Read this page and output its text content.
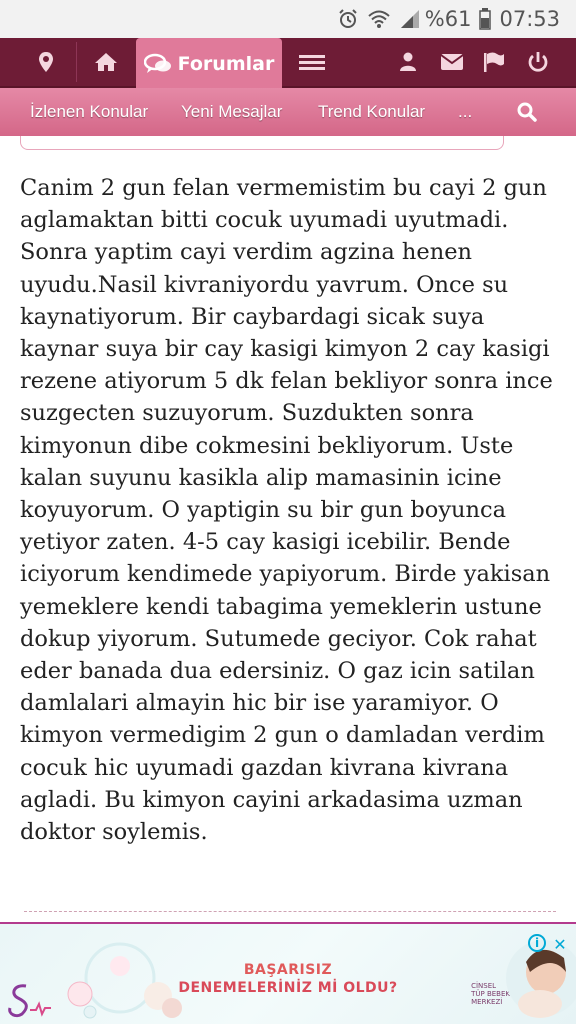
%61 07:53
Forumlar
İzlenen Konular Yeni Mesajlar Trend Konular ...
Canim 2 gun felan vermemistim bu cayi 2 gun aglamaktan bitti cocuk uyumadi uyutmadi. Sonra yaptim cayi verdim agzina henen uyudu.Nasil kivraniyordu yavrum. Once su kaynatiyorum. Bir caybardagi sicak suya kaynar suya bir cay kasigi kimyon 2 cay kasigi rezene atiyorum 5 dk felan bekliyor sonra ince suzgecten suzuyorum. Suzdukten sonra kimyonun dibe cokmesini bekliyorum. Uste kalan suyunu kasikla alip mamasinin icine koyuyorum. O yaptigin su bir gun boyunca yetiyor zaten. 4-5 cay kasigi icebilir. Bende iciyorum kendimede yapiyorum. Birde yakisan yemeklere kendi tabagima yemeklerin ustune dokup yiyorum. Sutumede geciyor. Cok rahat eder banada dua edersiniz. O gaz icin satilan damlalari almayin hic bir ise yaramiyor. O kimyon vermedigim 2 gun o damladan verdim cocuk hic uyumadi gazdan kivrana kivrana agladi. Bu kimyon cayini arkadasima uzman doktor soylemis.
BAŞARISIZ
DENEMELERİNİZ Mİ OLDU?	CİNSEL
TÜP BEBEK
MERKEZİ
i ✕
